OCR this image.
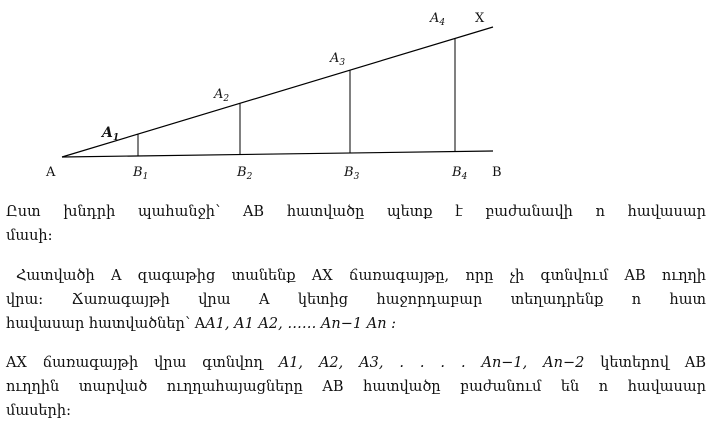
A	B
X
$A_1$
$A_2$
$A_3$
$A_4$
$B_1$	$B_2$	$B_3$	$B_4$
Ըստ խնդրի պահանջի՝ AB հատվածը պետք է բաժանավի n հավասար
մասի:
Հատվածի A զագաթից տանենք AX ճառագայթը, որը չի գտնվում AB ուղղի
վրա: Ճառագայթի վրա A կետից հաջորդաբար տեղադրենք n հատ
հավասար հատվածներ՝ AA1, A1 A2, …… An−1 An :
AX ճառագայթի վրա գտնվող A1, A2, A3, . . . . An−1, An−2 կետերով AB
ուղղին տարված ուղղահայացները AB հատվածը բաժանում են n հավասար
մասերի:
